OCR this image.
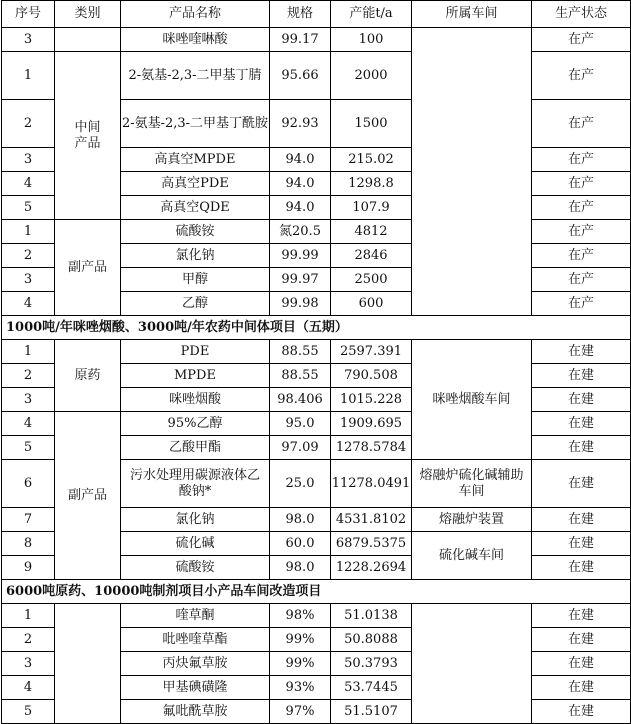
序号	类别	产品名称	规格	产能t/a	所属车间	生产状态
3		咪唑喹啉酸	99.17	100		在产
1	中间产品	2-氨基-2,3-二甲基丁腈	95.66	2000		在产
2		2-氨基-2,3-二甲基丁酰胺	92.93	1500		在产
3		高真空MPDE	94.0	215.02		在产
4		高真空PDE	94.0	1298.8		在产
5		高真空QDE	94.0	107.9		在产
1	副产品	硫酸铵	氮20.5	4812		在产
2		氯化钠	99.99	2846		在产
3		甲醇	99.97	2500		在产
4		乙醇	99.98	600		在产
1000吨/年咪唑烟酸、3000吨/年农药中间体项目（五期）						
1	原药	PDE	88.55	2597.391	咪唑烟酸车间	在建
2		MPDE	88.55	790.508		在建
3		咪唑烟酸	98.406	1015.228		在建
4	副产品	95%乙醇	95.0	1909.695		在建
5		乙酸甲酯	97.09	1278.5784		在建
6		污水处理用碳源液体乙酸钠*	25.0	11278.0491	熔融炉硫化碱辅助车间	在建
7		氯化钠	98.0	4531.8102	熔融炉装置	在建
8		硫化碱	60.0	6879.5375	硫化碱车间	在建
9		硫酸铵	98.0	1228.2694		在建
6000吨原药、10000吨制剂项目小产品车间改造项目						
1		喹草酮	98%	51.0138		在建
2		吡唑喹草酯	99%	50.8088		在建
3		丙炔氟草胺	99%	50.3793		在建
4		甲基碘磺隆	93%	53.7445		在建
5		氟吡酰草胺	97%	51.5107		在建
